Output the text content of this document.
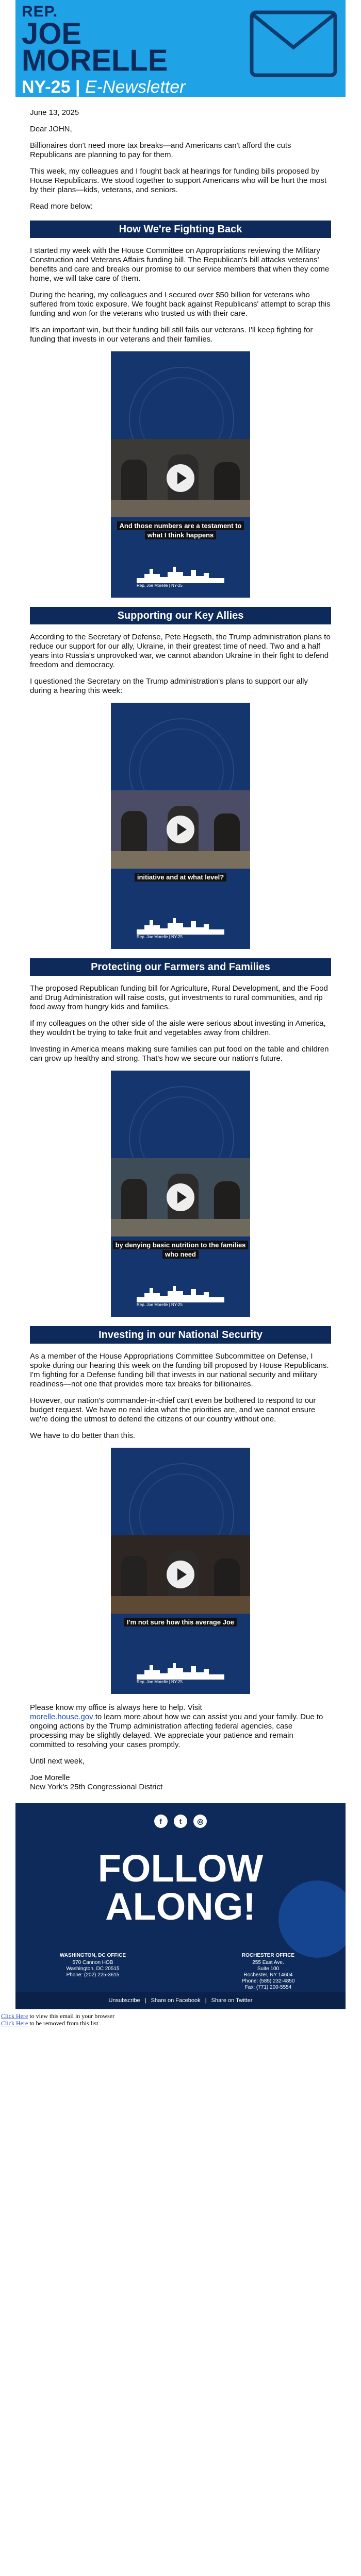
REP.
JOE
MORELLE
NY-25 | E-Newsletter

June 13, 2025

Dear JOHN,

Billionaires don't need more tax breaks—and Americans can't afford the cuts Republicans are planning to pay for them.

This week, my colleagues and I fought back at hearings for funding bills proposed by House Republicans. We stood together to support Americans who will be hurt the most by their plans—kids, veterans, and seniors.

Read more below:

How We're Fighting Back

I started my week with the House Committee on Appropriations reviewing the Military Construction and Veterans Affairs funding bill. The Republican's bill attacks veterans' benefits and care and breaks our promise to our service members that when they come home, we will take care of them.

During the hearing, my colleagues and I secured over $50 billion for veterans who suffered from toxic exposure. We fought back against Republicans' attempt to scrap this funding and won for the veterans who trusted us with their care.

It's an important win, but their funding bill still fails our veterans. I'll keep fighting for funding that invests in our veterans and their families.

And those numbers are a testament to what I think happens
Rep. Joe Morelle | NY-25
Supporting our Key Allies

According to the Secretary of Defense, Pete Hegseth, the Trump administration plans to reduce our support for our ally, Ukraine, in their greatest time of need. Two and a half years into Russia's unprovoked war, we cannot abandon Ukraine in their fight to defend freedom and democracy.

I questioned the Secretary on the Trump administration's plans to support our ally during a hearing this week:

initiative and at what level?
Rep. Joe Morelle | NY-25
Protecting our Farmers and Families

The proposed Republican funding bill for Agriculture, Rural Development, and the Food and Drug Administration will raise costs, gut investments to rural communities, and rip food away from hungry kids and families.

If my colleagues on the other side of the aisle were serious about investing in America, they wouldn't be trying to take fruit and vegetables away from children.

Investing in America means making sure families can put food on the table and children can grow up healthy and strong. That's how we secure our nation's future.

by denying basic nutrition to the families who need
Rep. Joe Morelle | NY-25
Investing in our National Security

As a member of the House Appropriations Committee Subcommittee on Defense, I spoke during our hearing this week on the funding bill proposed by House Republicans. I'm fighting for a Defense funding bill that invests in our national security and military readiness—not one that provides more tax breaks for billionaires.

However, our nation's commander-in-chief can't even be bothered to respond to our budget request. We have no real idea what the priorities are, and we cannot ensure we're doing the utmost to defend the citizens of our country without one.

We have to do better than this.

I'm not sure how this average Joe
Rep. Joe Morelle | NY-25

Please know my office is always here to help. Visit
morelle.house.gov to learn more about how we can assist you and your family. Due to ongoing actions by the Trump administration affecting federal agencies, case processing may be slightly delayed. We appreciate your patience and remain committed to resolving your cases promptly.

Until next week,

Joe Morelle
New York's 25th Congressional District

f t ◎
FOLLOW
ALONG!
WASHINGTON, DC OFFICE
570 Cannon HOB
Washington, DC 20515
Phone: (202) 225-3615
ROCHESTER OFFICE
255 East Ave.
Suite 100
Rochester, NY 14604
Phone: (585) 232-4850
Fax: (771) 200-5554
Unsubscribe | Share on Facebook | Share on Twitter
Click Here to view this email in your browser
Click Here to be removed from this list
